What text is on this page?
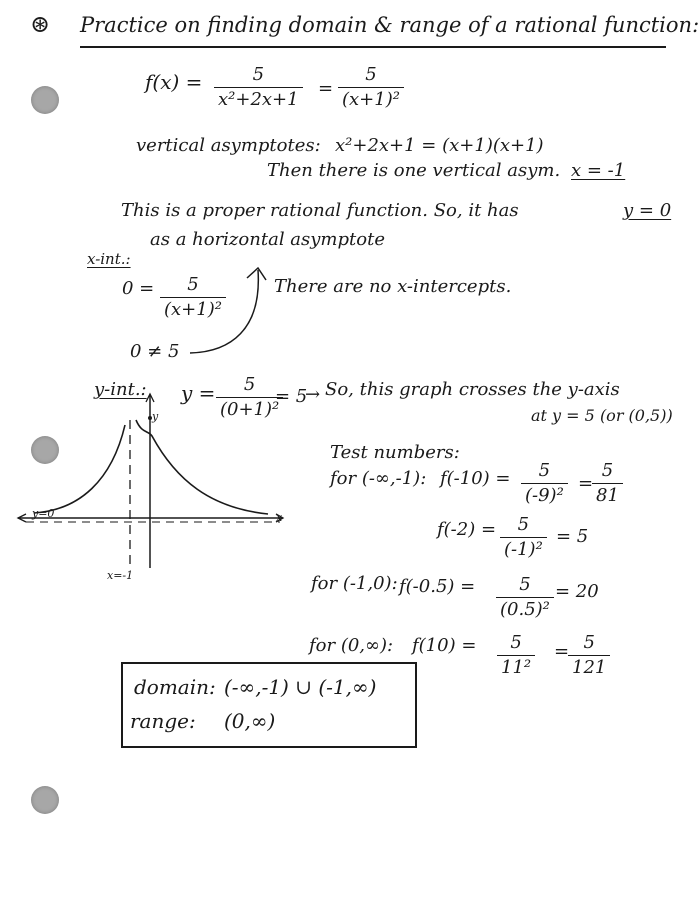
⊛ Practice on finding domain & range of a rational function:
$f(x) = \frac{5}{\text{x²+2x+1}} = \frac{5}{\text{(x+1)²}}$
vertical asymptotes: x²+2x+1 = (x+1)(x+1)
Then there is one vertical asym. x = -1
This is a proper rational function. So, it has	y = 0
as a horizontal asymptote
x-int.:
$0 = \frac{5}{\text{(x+1)²}}$
0 ≠ 5
There are no x-intercepts.
y-int.: $y = \frac{5}{\text{(0+1)²}}$
= 5
→ So, this graph crosses the y-axis
at y = 5 (or (0,5))
y
x
y=0
x=-1
Test numbers:
for (-∞,-1): $f(-10) = \frac{5}{\text{(-9)²}}$ =
$\frac{5}{81}$
$f(-2) = \frac{5}{\text{(-1)²}} = 5$
for (-1,0): $f(-0.5) = \frac{5}{\text{(0.5)²}} = 20$
for (0,∞): $f(10) = \frac{5}{\text{11²}}$ =
$\frac{5}{121}$
domain: (-∞,-1) ∪ (-1,∞)
range: (0,∞)
